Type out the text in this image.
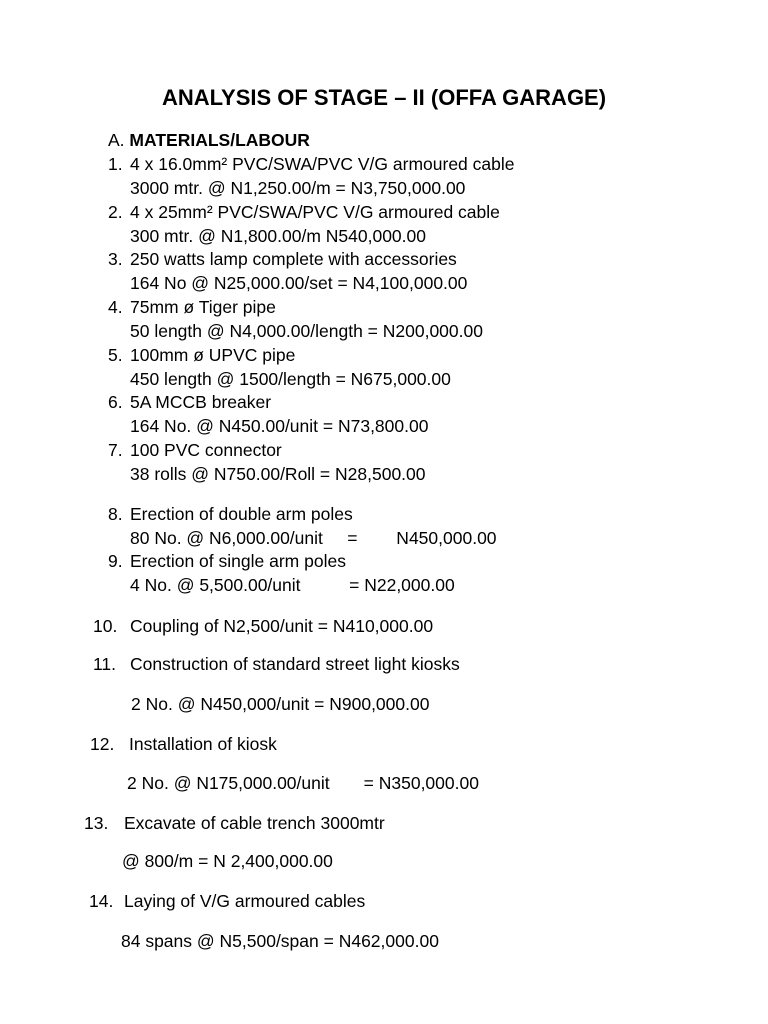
ANALYSIS OF STAGE – II (OFFA GARAGE)
A. MATERIALS/LABOUR
1. 4 x 16.0mm² PVC/SWA/PVC V/G armoured cable
3000 mtr. @ N1,250.00/m = N3,750,000.00
2. 4 x 25mm² PVC/SWA/PVC V/G armoured cable
300 mtr. @ N1,800.00/m N540,000.00
3. 250 watts lamp complete with accessories
164 No @ N25,000.00/set = N4,100,000.00
4. 75mm ø Tiger pipe
50 length @ N4,000.00/length = N200,000.00
5. 100mm ø UPVC pipe
450 length @ 1500/length = N675,000.00
6. 5A MCCB breaker
164 No. @ N450.00/unit = N73,800.00
7. 100 PVC connector
38 rolls @ N750.00/Roll = N28,500.00
8. Erection of double arm poles
80 No. @ N6,000.00/unit     =        N450,000.00
9. Erection of single arm poles
4 No. @ 5,500.00/unit          = N22,000.00
10. Coupling of N2,500/unit = N410,000.00
11. Construction of standard street light kiosks
2 No. @ N450,000/unit = N900,000.00
12. Installation of kiosk
2 No. @ N175,000.00/unit       = N350,000.00
13. Excavate of cable trench 3000mtr
@ 800/m = N 2,400,000.00
14. Laying of V/G armoured cables
84 spans @ N5,500/span = N462,000.00
